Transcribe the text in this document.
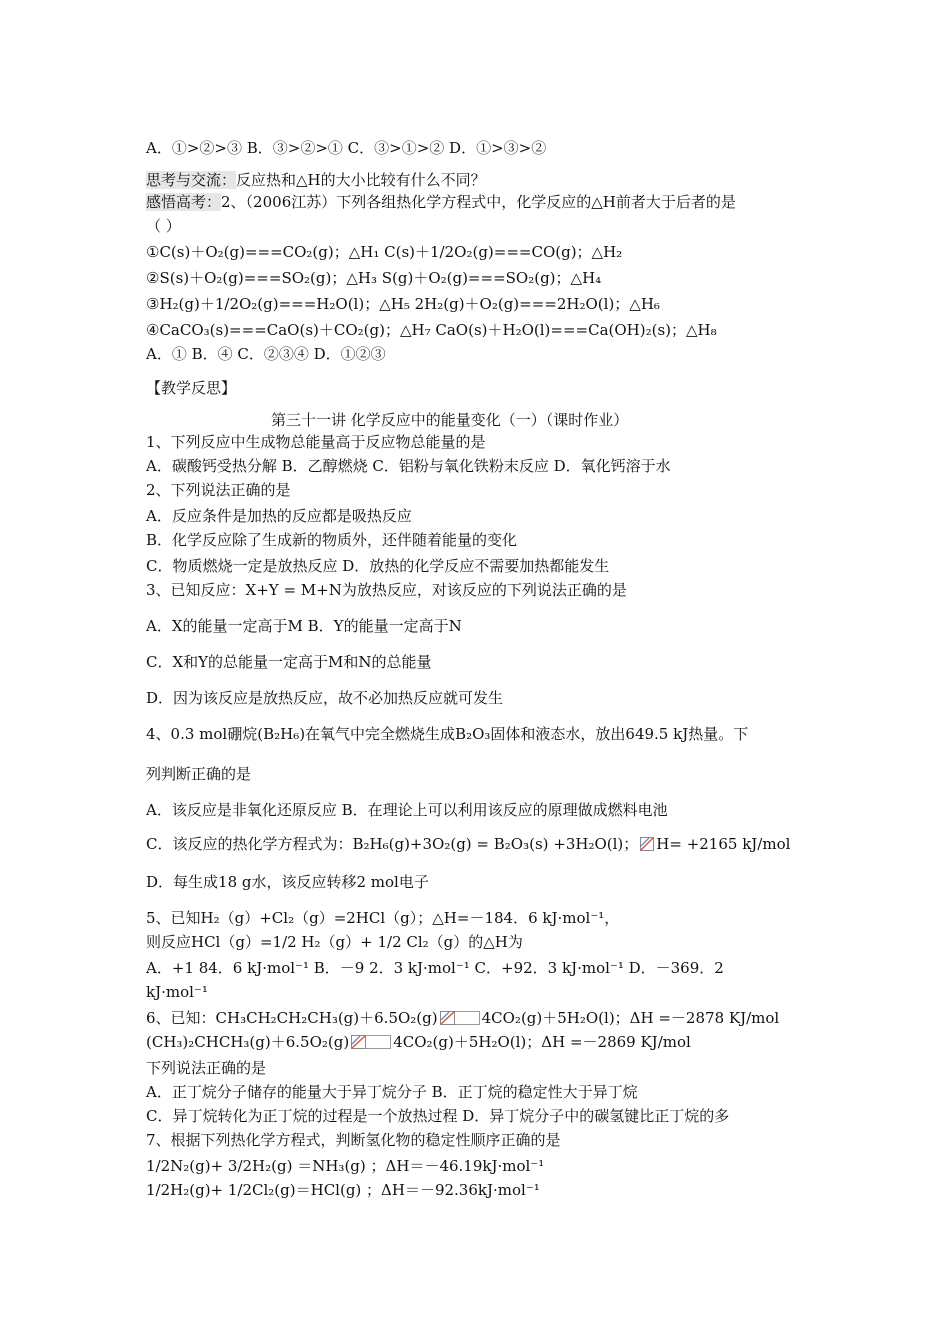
A．①>②>③ B．③>②>① C．③>①>② D．①>③>②
思考与交流：反应热和△H的大小比较有什么不同？
感悟高考：2、（2006江苏）下列各组热化学方程式中，化学反应的△H前者大于后者的是
（ ）
①C(s)＋O₂(g)===CO₂(g)；△H₁ C(s)＋1/2O₂(g)===CO(g)；△H₂
②S(s)＋O₂(g)===SO₂(g)；△H₃ S(g)＋O₂(g)===SO₂(g)；△H₄
③H₂(g)＋1/2O₂(g)===H₂O(l)；△H₅ 2H₂(g)＋O₂(g)===2H₂O(l)；△H₆
④CaCO₃(s)===CaO(s)＋CO₂(g)；△H₇ CaO(s)＋H₂O(l)===Ca(OH)₂(s)；△H₈
A．① B．④ C．②③④ D．①②③
【教学反思】
第三十一讲 化学反应中的能量变化（一）（课时作业）
1、下列反应中生成物总能量高于反应物总能量的是
A．碳酸钙受热分解 B．乙醇燃烧 C．铝粉与氧化铁粉末反应 D．氧化钙溶于水
2、下列说法正确的是
A．反应条件是加热的反应都是吸热反应
B．化学反应除了生成新的物质外，还伴随着能量的变化
C．物质燃烧一定是放热反应 D．放热的化学反应不需要加热都能发生
3、已知反应：X+Y = M+N为放热反应，对该反应的下列说法正确的是
A．X的能量一定高于M B．Y的能量一定高于N
C．X和Y的总能量一定高于M和N的总能量
D．因为该反应是放热反应，故不必加热反应就可发生
4、0.3 mol硼烷(B₂H₆)在氧气中完全燃烧生成B₂O₃固体和液态水，放出649.5 kJ热量。下
列判断正确的是
A．该反应是非氧化还原反应 B．在理论上可以利用该反应的原理做成燃料电池
C．该反应的热化学方程式为：B₂H₆(g)+3O₂(g) = B₂O₃(s) +3H₂O(l)； H= +2165 kJ/mol
D．每生成18 g水，该反应转移2 mol电子
5、已知H₂（g）+Cl₂（g）=2HCl（g）；△H=－184．6 kJ·mol⁻¹，
则反应HCl（g）=1/2 H₂（g）+ 1/2 Cl₂（g）的△H为
A．+1 84．6 kJ·mol⁻¹ B．－9 2．3 kJ·mol⁻¹ C．+92．3 kJ·mol⁻¹ D．－369．2
kJ·mol⁻¹
6、已知：CH₃CH₂CH₂CH₃(g)＋6.5O₂(g)	4CO₂(g)＋5H₂O(l)；ΔH =－2878 KJ/mol
(CH₃)₂CHCH₃(g)＋6.5O₂(g)	4CO₂(g)＋5H₂O(l)；ΔH =－2869 KJ/mol
下列说法正确的是
A．正丁烷分子储存的能量大于异丁烷分子 B．正丁烷的稳定性大于异丁烷
C．异丁烷转化为正丁烷的过程是一个放热过程 D．异丁烷分子中的碳氢键比正丁烷的多
7、根据下列热化学方程式，判断氢化物的稳定性顺序正确的是
1/2N₂(g)+ 3/2H₂(g) ＝NH₃(g) ；ΔH＝－46.19kJ·mol⁻¹
1/2H₂(g)+ 1/2Cl₂(g)＝HCl(g) ；ΔH＝－92.36kJ·mol⁻¹
